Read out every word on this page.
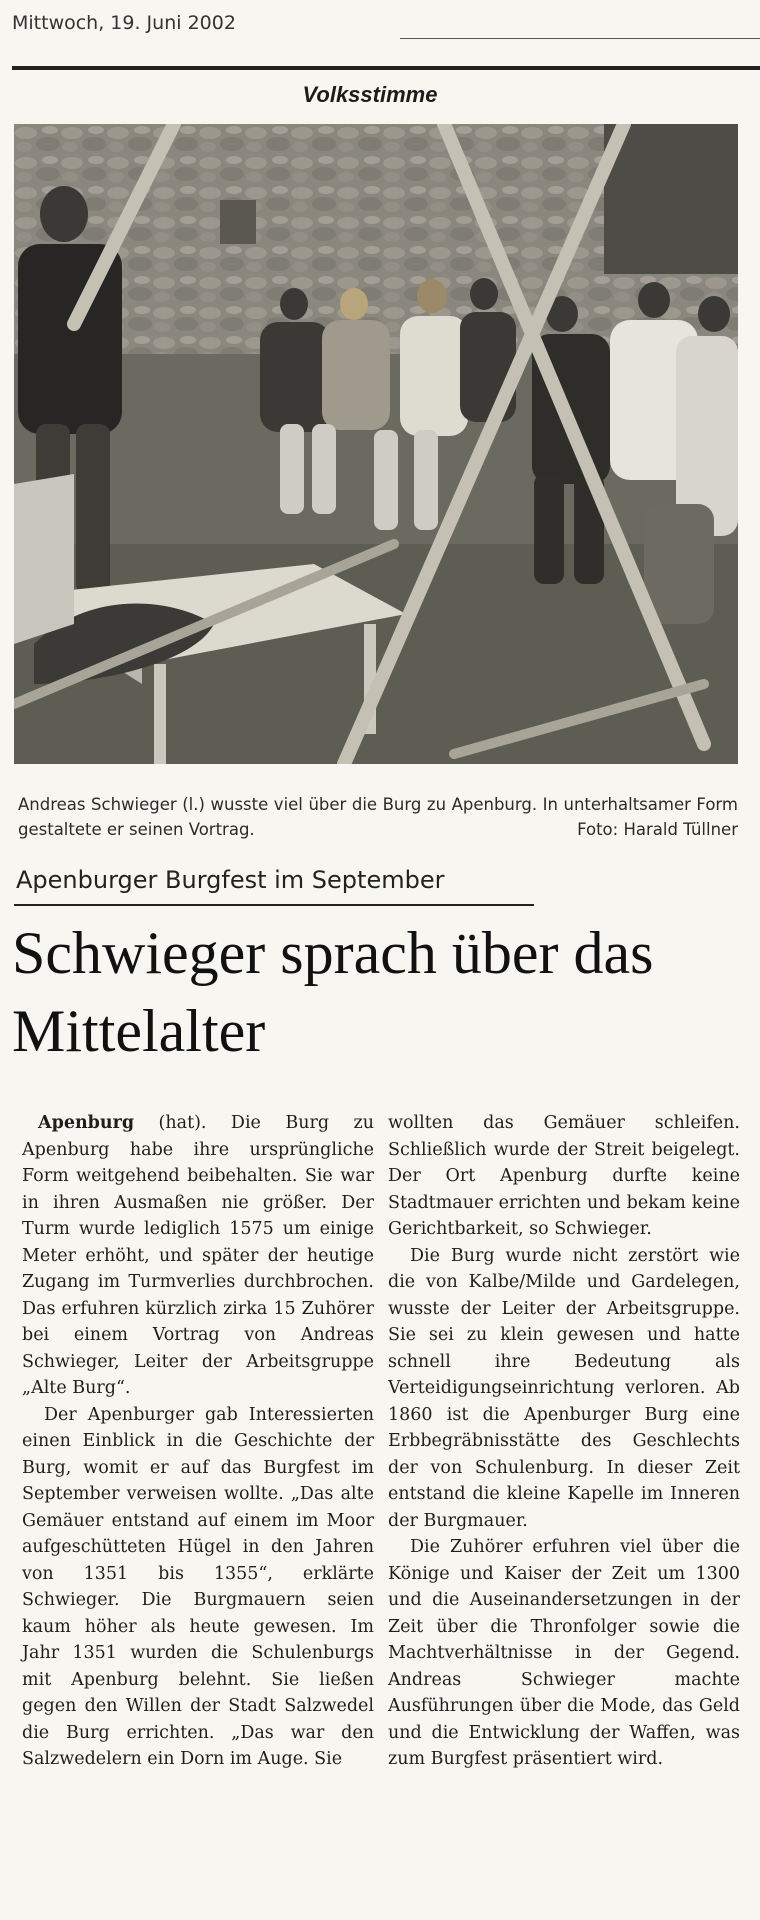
Mittwoch, 19. Juni 2002
Volksstimme

Andreas Schwieger (l.) wusste viel über die Burg zu Apenburg. In unterhaltsamer Form gestaltete er seinen Vortrag.	Foto: Harald Tüllner

Apenburger Burgfest im September
Schwieger sprach über das Mittelalter

Apenburg (hat). Die Burg zu Apenburg habe ihre ursprüngliche Form weitgehend beibehalten. Sie war in ihren Ausmaßen nie größer. Der Turm wurde lediglich 1575 um einige Meter erhöht, und später der heutige Zugang im Turmverlies durchbrochen. Das erfuhren kürzlich zirka 15 Zuhörer bei einem Vortrag von Andreas Schwieger, Leiter der Arbeitsgruppe „Alte Burg“.

Der Apenburger gab Interessierten einen Einblick in die Geschichte der Burg, womit er auf das Burgfest im September verweisen wollte. „Das alte Gemäuer entstand auf einem im Moor aufgeschütteten Hügel in den Jahren von 1351 bis 1355“, erklärte Schwieger. Die Burgmauern seien kaum höher als heute gewesen. Im Jahr 1351 wurden die Schulenburgs mit Apenburg belehnt. Sie ließen gegen den Willen der Stadt Salzwedel die Burg errichten. „Das war den Salzwedelern ein Dorn im Auge. Sie

wollten das Gemäuer schleifen. Schließlich wurde der Streit beigelegt. Der Ort Apenburg durfte keine Stadtmauer errichten und bekam keine Gerichtbarkeit, so Schwieger.

Die Burg wurde nicht zerstört wie die von Kalbe/Milde und Gardelegen, wusste der Leiter der Arbeitsgruppe. Sie sei zu klein gewesen und hatte schnell ihre Bedeutung als Verteidigungseinrichtung verloren. Ab 1860 ist die Apenburger Burg eine Erbbegräbnisstätte des Geschlechts der von Schulenburg. In dieser Zeit entstand die kleine Kapelle im Inneren der Burgmauer.

Die Zuhörer erfuhren viel über die Könige und Kaiser der Zeit um 1300 und die Auseinandersetzungen in der Zeit über die Thronfolger sowie die Machtverhältnisse in der Gegend. Andreas Schwieger machte Ausführungen über die Mode, das Geld und die Entwicklung der Waffen, was zum Burgfest präsentiert wird.
